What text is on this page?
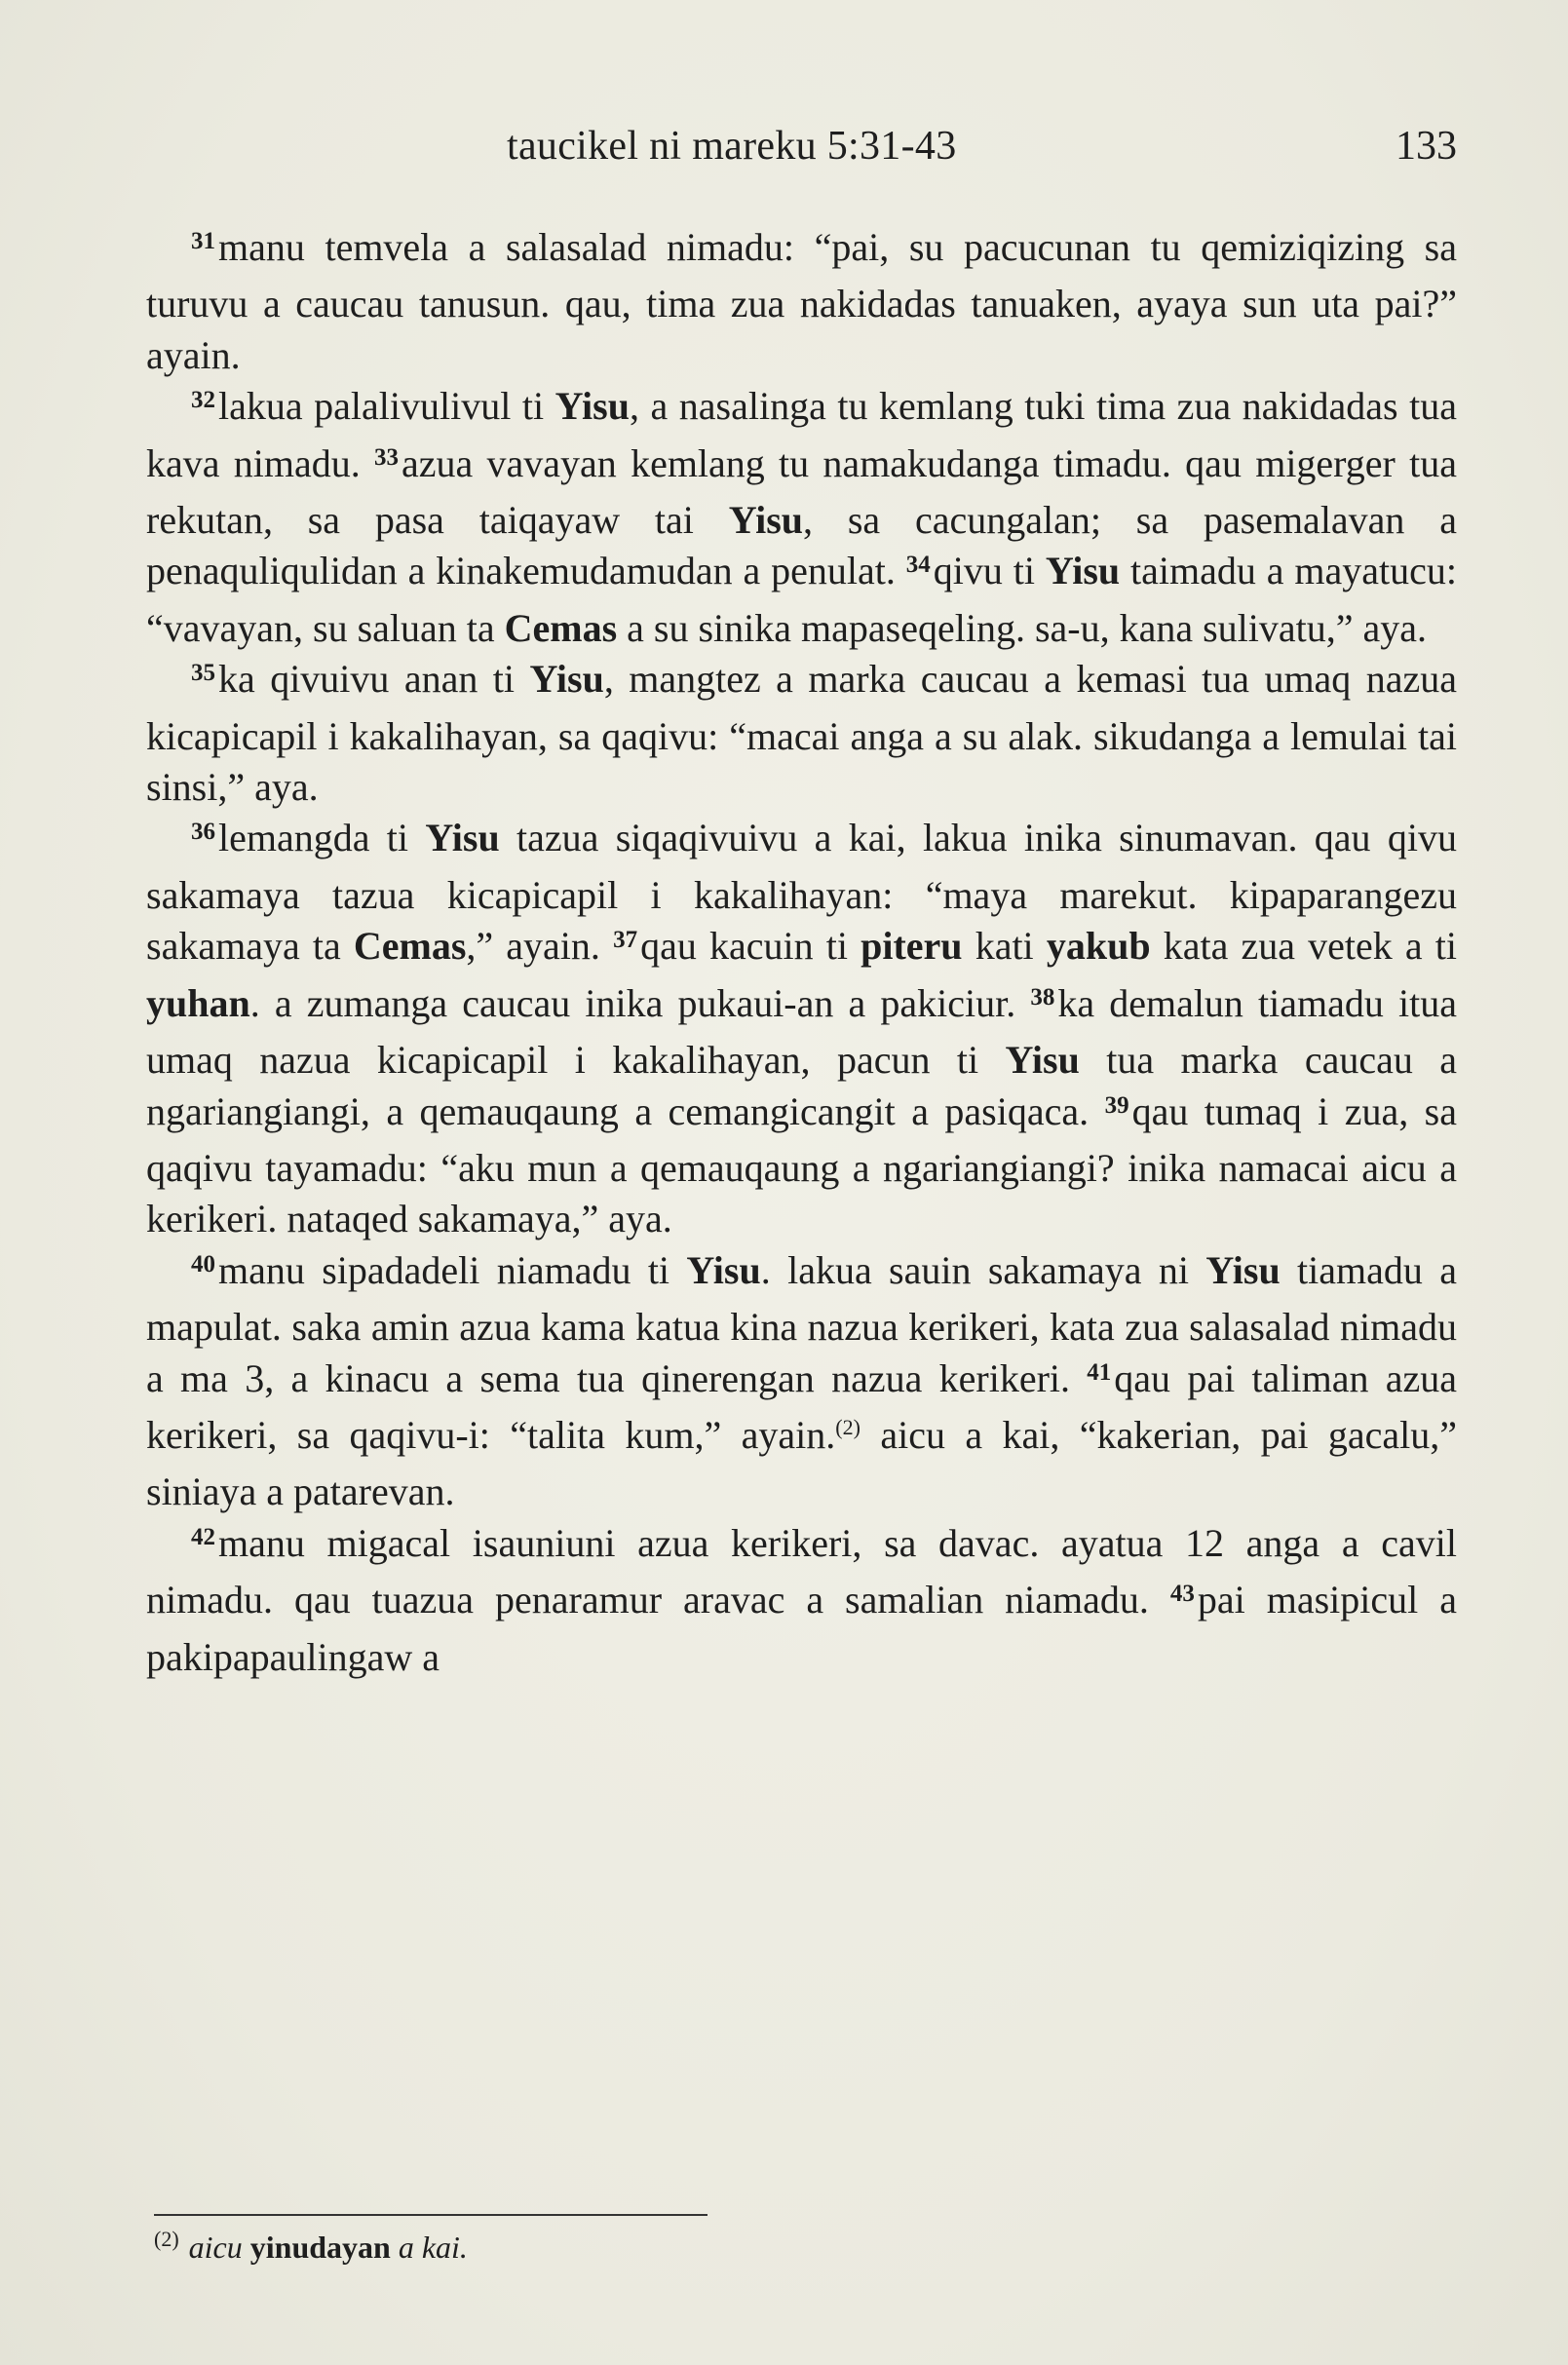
taucikel ni mareku 5:31-43	133

$^{31}$manu temvela a salasalad nimadu: “pai, su pacucunan tu qemiziqizing sa turuvu a caucau tanusun. qau, tima zua nakidadas tanuaken, ayaya sun uta pai?” ayain.

$^{32}$lakua palalivulivul ti Yisu, a nasalinga tu kemlang tuki tima zua nakidadas tua kava nimadu. $^{33}$azua vavayan kemlang tu namakudanga timadu. qau migerger tua rekutan, sa pasa taiqayaw tai Yisu, sa cacungalan; sa pasemalavan a penaquliqulidan a kinakemudamudan a penulat. $^{34}$qivu ti Yisu taimadu a mayatucu: “vavayan, su saluan ta Cemas a su sinika mapaseqeling. sa-u, kana sulivatu,” aya.

$^{35}$ka qivuivu anan ti Yisu, mangtez a marka caucau a kemasi tua umaq nazua kicapicapil i kakalihayan, sa qaqivu: “macai anga a su alak. sikudanga a lemulai tai sinsi,” aya.

$^{36}$lemangda ti Yisu tazua siqaqivuivu a kai, lakua inika sinumavan. qau qivu sakamaya tazua kicapicapil i kakalihayan: “maya marekut. kipaparangezu sakamaya ta Cemas,” ayain. $^{37}$qau kacuin ti piteru kati yakub kata zua vetek a ti yuhan. a zumanga caucau inika pukaui-an a pakiciur. $^{38}$ka demalun tiamadu itua umaq nazua kicapicapil i kakalihayan, pacun ti Yisu tua marka caucau a ngariangiangi, a qemauqaung a cemangicangit a pasiqaca. $^{39}$qau tumaq i zua, sa qaqivu tayamadu: “aku mun a qemauqaung a ngariangiangi? inika namacai aicu a kerikeri. nataqed sakamaya,” aya.

$^{40}$manu sipadadeli niamadu ti Yisu. lakua sauin sakamaya ni Yisu tiamadu a mapulat. saka amin azua kama katua kina nazua kerikeri, kata zua salasalad nimadu a ma 3, a kinacu a sema tua qinerengan nazua kerikeri. $^{41}$qau pai taliman azua kerikeri, sa qaqivu-i: “talita kum,” ayain.$^{(2)}$ aicu a kai, “kakerian, pai gacalu,” siniaya a patarevan.

$^{42}$manu migacal isauniuni azua kerikeri, sa davac. ayatua 12 anga a cavil nimadu. qau tuazua penaramur aravac a samalian niamadu. $^{43}$pai masipicul a pakipapaulingaw a

$^{(2)}$ aicu yinudayan a kai.
